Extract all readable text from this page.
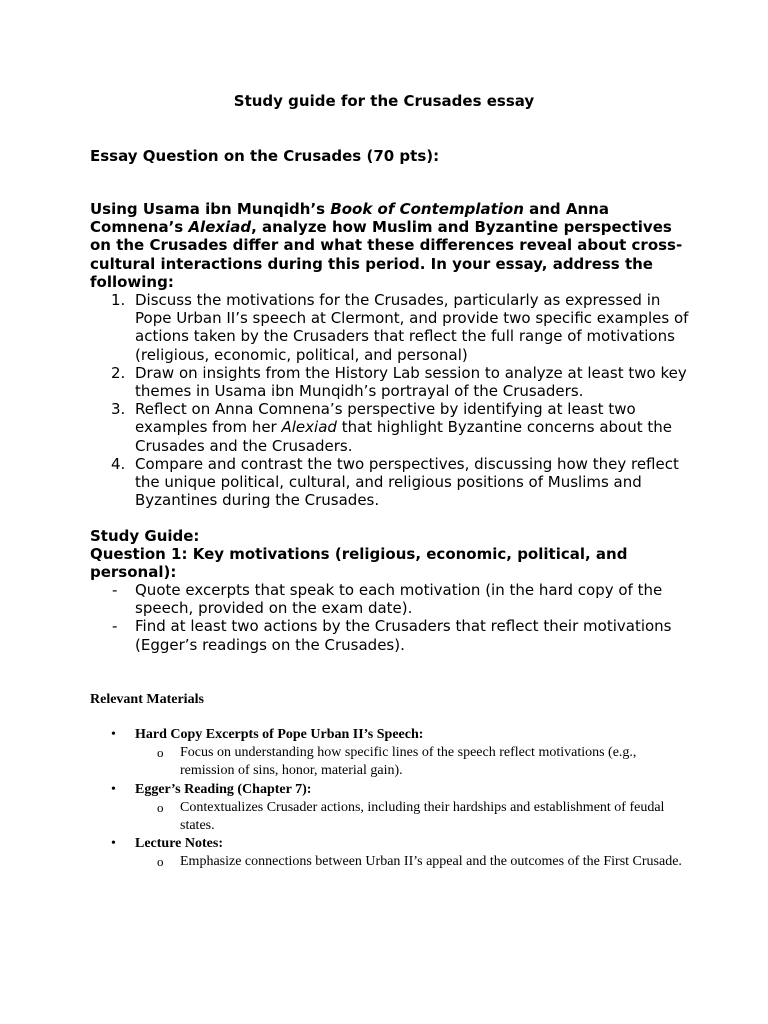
Study guide for the Crusades essay

Essay Question on the Crusades (70 pts):

Using Usama ibn Munqidh’s Book of Contemplation and Anna Comnena’s Alexiad, analyze how Muslim and Byzantine perspectives on the Crusades differ and what these differences reveal about cross-cultural interactions during this period. In your essay, address the following:

1. Discuss the motivations for the Crusades, particularly as expressed in Pope Urban II’s speech at Clermont, and provide two specific examples of actions taken by the Crusaders that reflect the full range of motivations (religious, economic, political, and personal)
2. Draw on insights from the History Lab session to analyze at least two key themes in Usama ibn Munqidh’s portrayal of the Crusaders.
3. Reflect on Anna Comnena’s perspective by identifying at least two examples from her Alexiad that highlight Byzantine concerns about the Crusades and the Crusaders.
4. Compare and contrast the two perspectives, discussing how they reflect the unique political, cultural, and religious positions of Muslims and Byzantines during the Crusades.

Study Guide:

Question 1: Key motivations (religious, economic, political, and personal):

- Quote excerpts that speak to each motivation (in the hard copy of the speech, provided on the exam date).
- Find at least two actions by the Crusaders that reflect their motivations (Egger’s readings on the Crusades).

Relevant Materials

• Hard Copy Excerpts of Pope Urban II’s Speech:
o Focus on understanding how specific lines of the speech reflect motivations (e.g., remission of sins, honor, material gain).
• Egger’s Reading (Chapter 7):
o Contextualizes Crusader actions, including their hardships and establishment of feudal states.
• Lecture Notes:
o Emphasize connections between Urban II’s appeal and the outcomes of the First Crusade.
